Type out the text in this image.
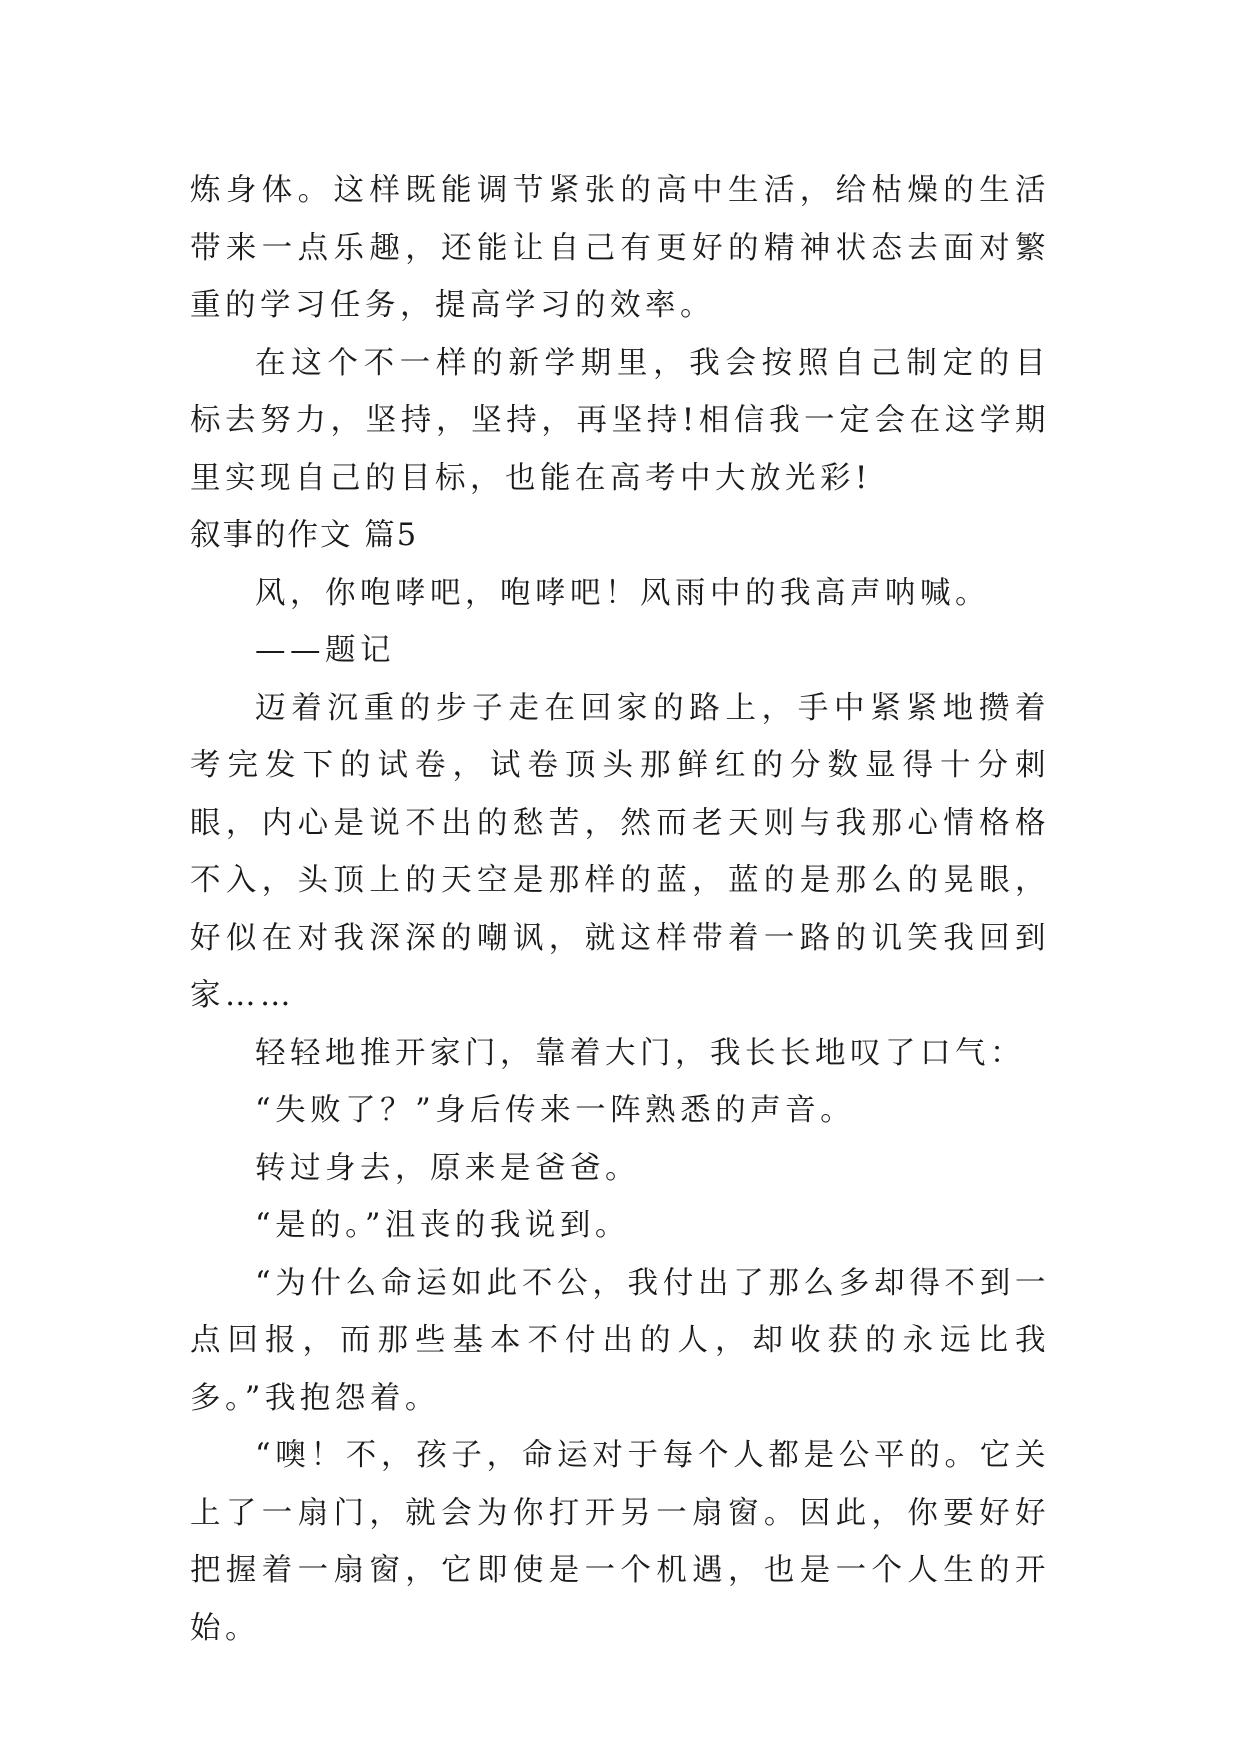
炼身体。这样既能调节紧张的高中生活，给枯燥的生活带来一点乐趣，还能让自己有更好的精神状态去面对繁重的学习任务，提高学习的效率。

在这个不一样的新学期里，我会按照自己制定的目标去努力，坚持，坚持，再坚持!相信我一定会在这学期里实现自己的目标，也能在高考中大放光彩!

叙事的作文 篇5

风，你咆哮吧，咆哮吧！风雨中的我高声呐喊。

——题记

迈着沉重的步子走在回家的路上，手中紧紧地攒着考完发下的试卷，试卷顶头那鲜红的分数显得十分刺眼，内心是说不出的愁苦，然而老天则与我那心情格格不入，头顶上的天空是那样的蓝，蓝的是那么的晃眼，好似在对我深深的嘲讽，就这样带着一路的讥笑我回到家……

轻轻地推开家门，靠着大门，我长长地叹了口气：

“失败了？”身后传来一阵熟悉的声音。

转过身去，原来是爸爸。

“是的。”沮丧的我说到。

“为什么命运如此不公，我付出了那么多却得不到一点回报，而那些基本不付出的人，却收获的永远比我多。”我抱怨着。

“噢！不，孩子，命运对于每个人都是公平的。它关上了一扇门，就会为你打开另一扇窗。因此，你要好好把握着一扇窗，它即使是一个机遇，也是一个人生的开始。
